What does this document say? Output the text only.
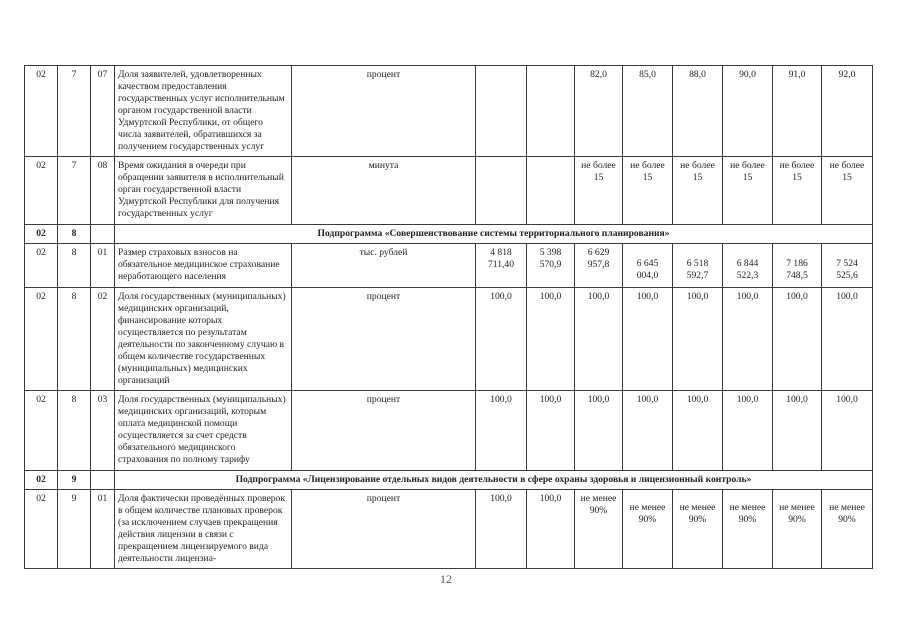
02	7	07	Доля заявителей, удовлетворенных качеством предоставления государственных услуг исполнительным органом государственной власти Удмуртской Республики, от общего числа заявителей, обратившихся за получением государственных услуг	процент			82,0	85,0	88,0	90,0	91,0	92,0
02	7	08	Время ожидания в очереди при обращении заявителя в исполнительный орган государственной власти Удмуртской Республики для получения государственных услуг	минута			не более 15	не более 15	не более 15	не более 15	не более 15	не более 15
02	8		Подпрограмма «Совершенствование системы территориального планирования»									
02	8	01	Размер страховых взносов на обязательное медицинское страхование неработающего населения	тыс. рублей	4 818 711,40	5 398 570,9	6 629 957,8	6 645 004,0	6 518 592,7	6 844 522,3	7 186 748,5	7 524 525,6
02	8	02	Доля государственных (муниципальных) медицинских организаций, финансирование которых осуществляется по результатам деятельности по законченному случаю в общем количестве государственных (муниципальных) медицинских организаций	процент	100,0	100,0	100,0	100,0	100,0	100,0	100,0	100,0
02	8	03	Доля государственных (муниципальных) медицинских организаций, которым оплата медицинской помощи осуществляется за счет средств обязательного медицинского страхования по полному тарифу	процент	100,0	100,0	100,0	100,0	100,0	100,0	100,0	100,0
02	9		Подпрограмма «Лицензирование отдельных видов деятельности в сфере охраны здоровья и лицензионный контроль»									
02	9	01	Доля фактически проведённых проверок в общем количестве плановых проверок (за исключением случаев прекращения действия лицензии в связи с прекращением лицензируемого вида деятельности лицензиа-	процент	100,0	100,0	не менее 90%	не менее 90%	не менее 90%	не менее 90%	не менее 90%	не менее 90%
12
